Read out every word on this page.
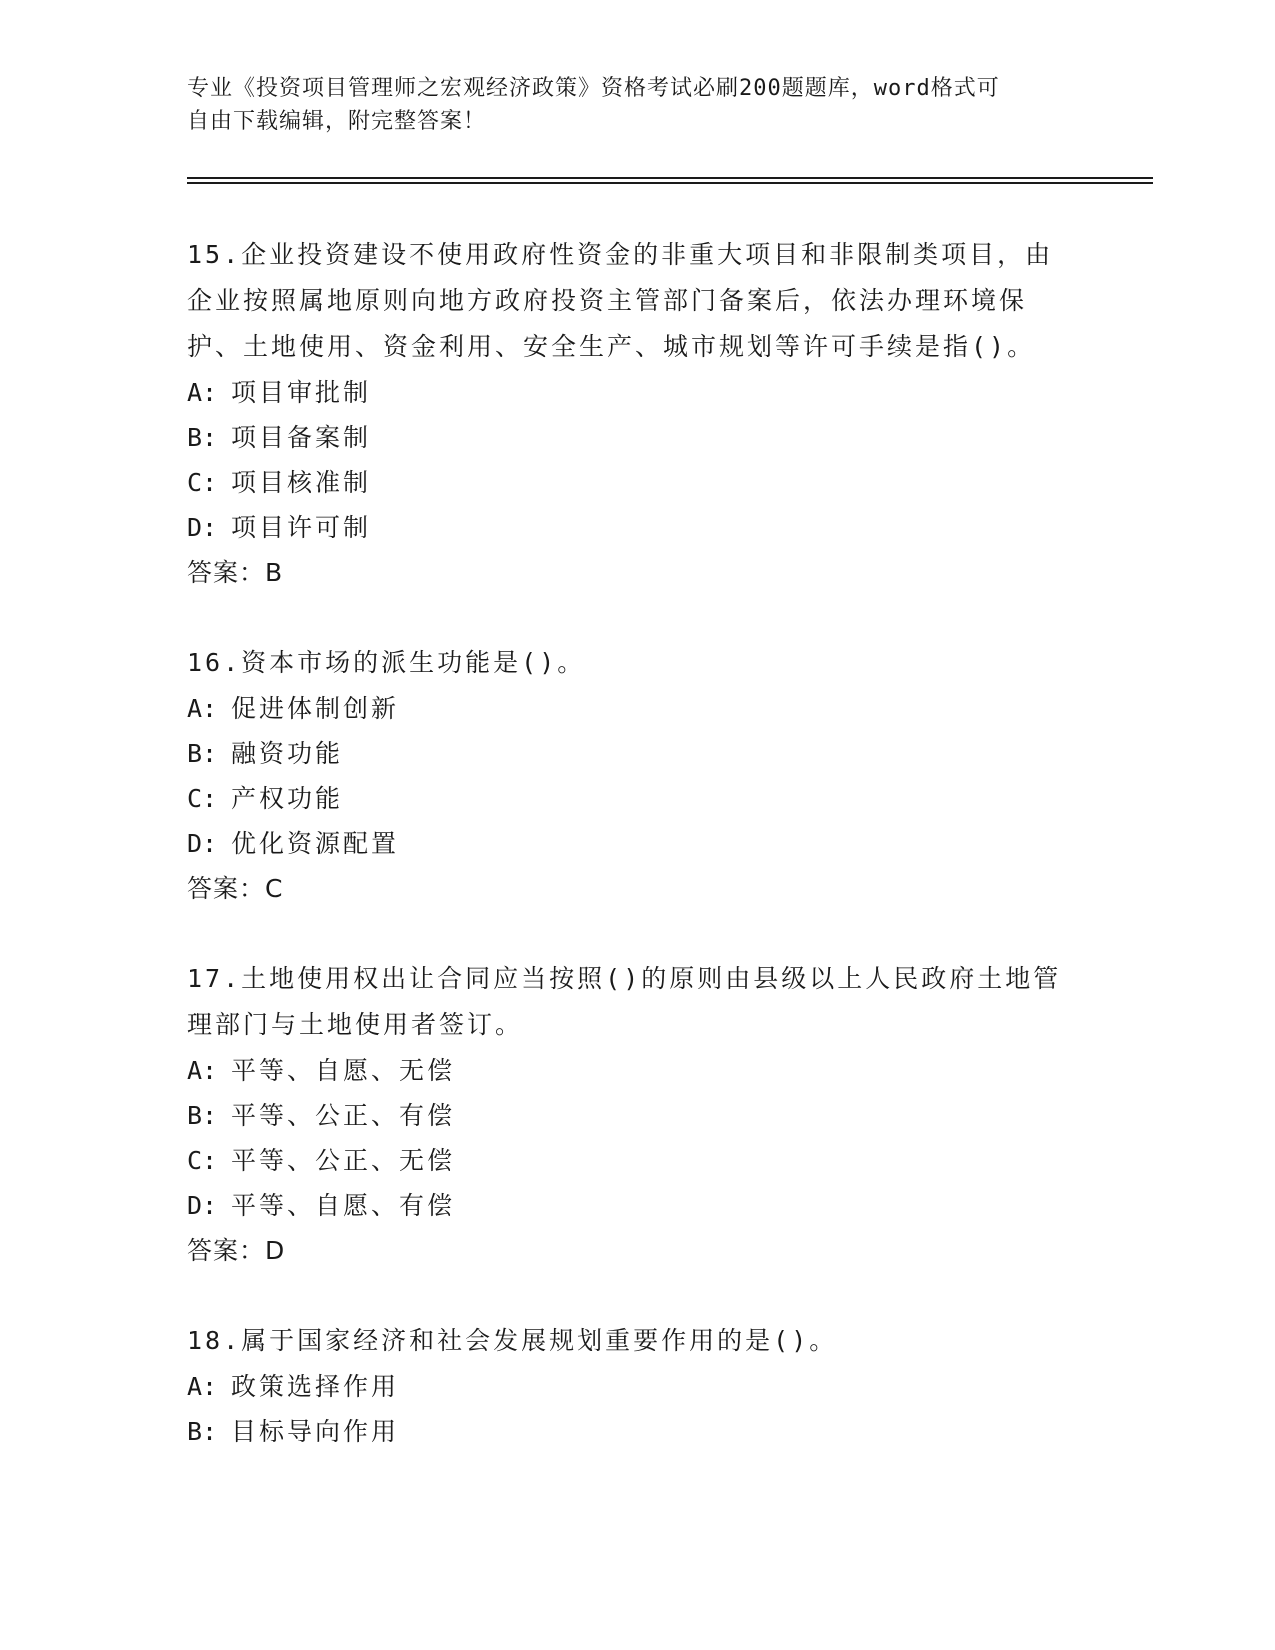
专业《投资项目管理师之宏观经济政策》资格考试必刷200题题库，word格式可
自由下载编辑，附完整答案！
15.企业投资建设不使用政府性资金的非重大项目和非限制类项目，由
企业按照属地原则向地方政府投资主管部门备案后，依法办理环境保
护、土地使用、资金利用、安全生产、城市规划等许可手续是指()。
A: 项目审批制
B: 项目备案制
C: 项目核准制
D: 项目许可制
答案：B
16.资本市场的派生功能是()。
A: 促进体制创新
B: 融资功能
C: 产权功能
D: 优化资源配置
答案：C
17.土地使用权出让合同应当按照()的原则由县级以上人民政府土地管
理部门与土地使用者签订。
A: 平等、自愿、无偿
B: 平等、公正、有偿
C: 平等、公正、无偿
D: 平等、自愿、有偿
答案：D
18.属于国家经济和社会发展规划重要作用的是()。
A: 政策选择作用
B: 目标导向作用
